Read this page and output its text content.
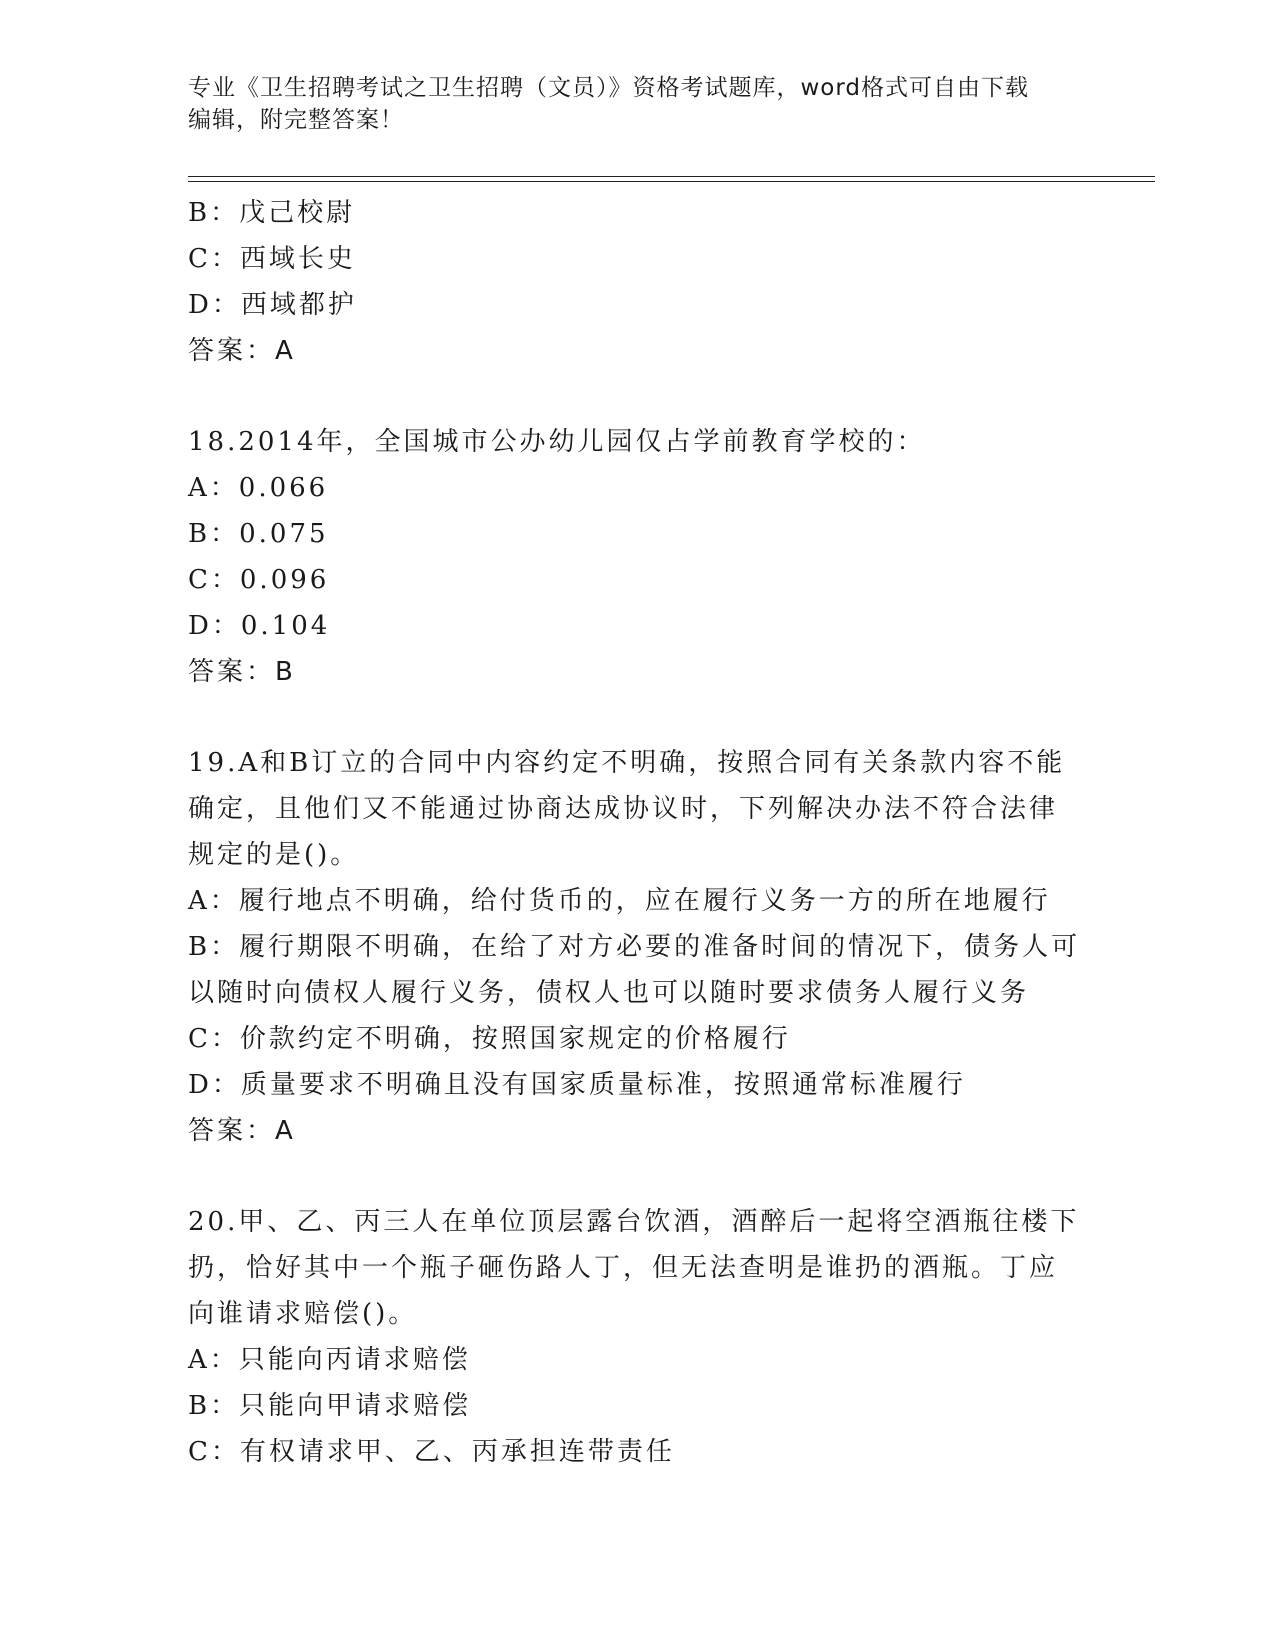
专业《卫生招聘考试之卫生招聘（文员）》资格考试题库，word格式可自由下载
编辑，附完整答案！
B：戊己校尉
C：西域长史
D：西域都护
答案：A
18.2014年，全国城市公办幼儿园仅占学前教育学校的：
A：0.066
B：0.075
C：0.096
D：0.104
答案：B
19.A和B订立的合同中内容约定不明确，按照合同有关条款内容不能
确定，且他们又不能通过协商达成协议时，下列解决办法不符合法律
规定的是()。
A：履行地点不明确，给付货币的，应在履行义务一方的所在地履行
B：履行期限不明确，在给了对方必要的准备时间的情况下，债务人可
以随时向债权人履行义务，债权人也可以随时要求债务人履行义务
C：价款约定不明确，按照国家规定的价格履行
D：质量要求不明确且没有国家质量标准，按照通常标准履行
答案：A
20.甲、乙、丙三人在单位顶层露台饮酒，酒醉后一起将空酒瓶往楼下
扔，恰好其中一个瓶子砸伤路人丁，但无法查明是谁扔的酒瓶。丁应
向谁请求赔偿()。
A：只能向丙请求赔偿
B：只能向甲请求赔偿
C：有权请求甲、乙、丙承担连带责任
